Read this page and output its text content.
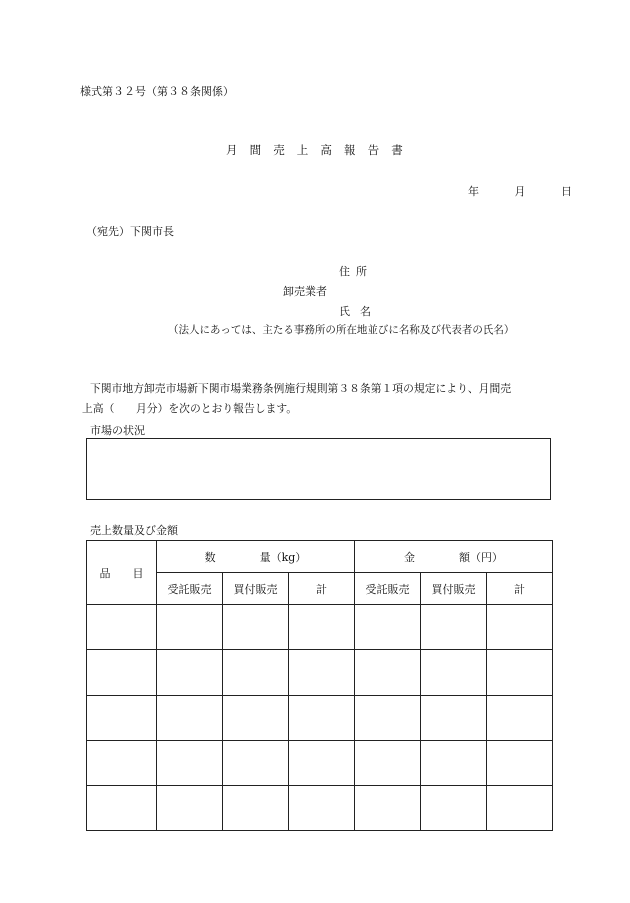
様式第３２号（第３８条関係）
月　間　売　上　高　報　告　書
年	月	日
（宛先）下関市長
住所
卸売業者
氏名
（法人にあっては、主たる事務所の所在地並びに名称及び代表者の氏名）
下関市地方卸売市場新下関市場業務条例施行規則第３８条第１項の規定により、月間売
上高（　　月分）を次のとおり報告します。
市場の状況
売上数量及び金額
品　　目	数　　　　量（kg）			金　　　　額（円）		
	受託販売	買付販売	計	受託販売	買付販売	計
